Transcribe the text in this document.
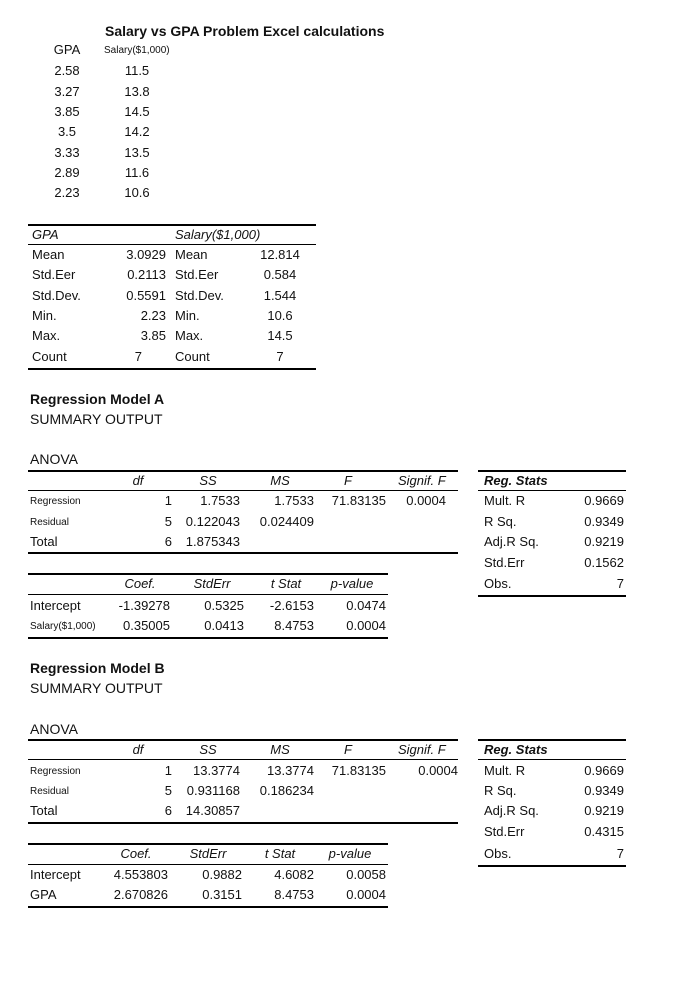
Salary vs GPA Problem Excel calculations
GPA	Salary($1,000)
2.58	11.5
3.27	13.8
3.85	14.5
3.5	14.2
3.33	13.5
2.89	11.6
2.23	10.6
GPA	Salary($1,000)
Mean	3.0929 Mean	12.814
Std.Eer	0.2113 Std.Eer	0.584
Std.Dev.	0.5591 Std.Dev.	1.544
Min.	2.23 Min.	10.6
Max.	3.85 Max.	14.5
Count	7	Count	7
Regression Model A
SUMMARY OUTPUT
ANOVA
df	SS	MS	F	Signif. F
Regression	1	1.7533	1.7533	71.83135	0.0004
Residual	5	0.122043	0.024409
Total	6	1.875343
Reg. Stats
Mult. R	0.9669
R Sq.	0.9349
Adj.R Sq.	0.9219
Std.Err	0.1562
Obs.	7
Coef.	StdErr	t Stat	p-value
Intercept	-1.39278	0.5325	-2.6153	0.0474
Salary($1,000)	0.35005	0.0413	8.4753	0.0004
Regression Model B
SUMMARY OUTPUT
ANOVA
df	SS	MS	F	Signif. F
Regression	1	13.3774	13.3774	71.83135	0.0004
Residual	5	0.931168	0.186234
Total	6	14.30857
Reg. Stats
Mult. R	0.9669
R Sq.	0.9349
Adj.R Sq.	0.9219
Std.Err	0.4315
Obs.	7
Coef.	StdErr	t Stat	p-value
Intercept	4.553803	0.9882	4.6082	0.0058
GPA	2.670826	0.3151	8.4753	0.0004
